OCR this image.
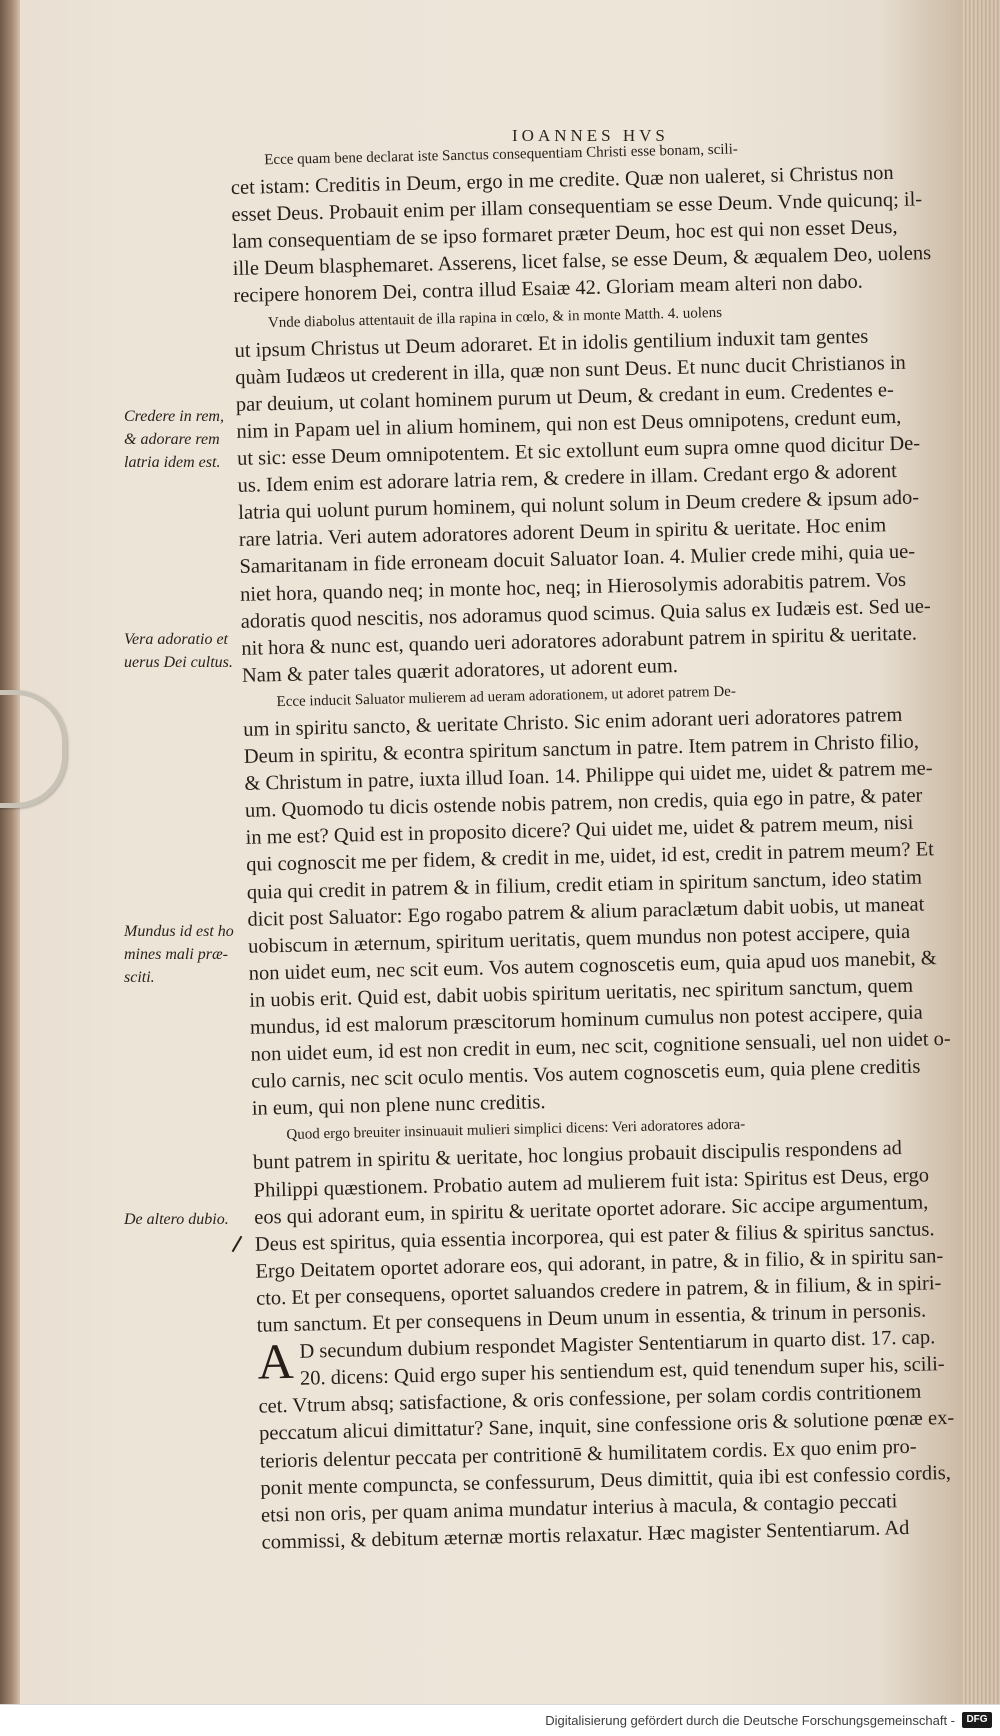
IOANNES HVS

Ecce quam bene declarat iste Sanctus consequentiam Christi esse bonam, scili-
cet istam: Creditis in Deum, ergo in me credite. Quæ non ualeret, si Christus non
esset Deus. Probauit enim per illam consequentiam se esse Deum. Vnde quicunq; il-
lam consequentiam de se ipso formaret præter Deum, hoc est qui non esset Deus,
ille Deum blasphemaret. Asserens, licet false, se esse Deum, & æqualem Deo, uolens
recipere honorem Dei, contra illud Esaiæ 42. Gloriam meam alteri non dabo.

Vnde diabolus attentauit de illa rapina in cœlo, & in monte Matth. 4. uolens
ut ipsum Christus ut Deum adoraret. Et in idolis gentilium induxit tam gentes
quàm Iudæos ut crederent in illa, quæ non sunt Deus. Et nunc ducit Christianos in
par deuium, ut colant hominem purum ut Deum, & credant in eum. Credentes e-
nim in Papam uel in alium hominem, qui non est Deus omnipotens, credunt eum,
ut sic: esse Deum omnipotentem. Et sic extollunt eum supra omne quod dicitur De-
us. Idem enim est adorare latria rem, & credere in illam. Credant ergo & adorent
latria qui uolunt purum hominem, qui nolunt solum in Deum credere & ipsum ado-
rare latria. Veri autem adoratores adorent Deum in spiritu & ueritate. Hoc enim
Samaritanam in fide erroneam docuit Saluator Ioan. 4. Mulier crede mihi, quia ue-
niet hora, quando neq; in monte hoc, neq; in Hierosolymis adorabitis patrem. Vos
adoratis quod nescitis, nos adoramus quod scimus. Quia salus ex Iudæis est. Sed ue-
nit hora & nunc est, quando ueri adoratores adorabunt patrem in spiritu & ueritate.
Nam & pater tales quærit adoratores, ut adorent eum.

Ecce inducit Saluator mulierem ad ueram adorationem, ut adoret patrem De-
um in spiritu sancto, & ueritate Christo. Sic enim adorant ueri adoratores patrem
Deum in spiritu, & econtra spiritum sanctum in patre. Item patrem in Christo filio,
& Christum in patre, iuxta illud Ioan. 14. Philippe qui uidet me, uidet & patrem me-
um. Quomodo tu dicis ostende nobis patrem, non credis, quia ego in patre, & pater
in me est? Quid est in proposito dicere? Qui uidet me, uidet & patrem meum, nisi
qui cognoscit me per fidem, & credit in me, uidet, id est, credit in patrem meum? Et
quia qui credit in patrem & in filium, credit etiam in spiritum sanctum, ideo statim
dicit post Saluator: Ego rogabo patrem & alium paraclætum dabit uobis, ut maneat
uobiscum in æternum, spiritum ueritatis, quem mundus non potest accipere, quia
non uidet eum, nec scit eum. Vos autem cognoscetis eum, quia apud uos manebit, &
in uobis erit. Quid est, dabit uobis spiritum ueritatis, nec spiritum sanctum, quem
mundus, id est malorum præscitorum hominum cumulus non potest accipere, quia
non uidet eum, id est non credit in eum, nec scit, cognitione sensuali, uel non uidet o-
culo carnis, nec scit oculo mentis. Vos autem cognoscetis eum, quia plene creditis
in eum, qui non plene nunc creditis.

Quod ergo breuiter insinuauit mulieri simplici dicens: Veri adoratores adora-
bunt patrem in spiritu & ueritate, hoc longius probauit discipulis respondens ad
Philippi quæstionem. Probatio autem ad mulierem fuit ista: Spiritus est Deus, ergo
eos qui adorant eum, in spiritu & ueritate oportet adorare. Sic accipe argumentum,
Deus est spiritus, quia essentia incorporea, qui est pater & filius & spiritus sanctus.
Ergo Deitatem oportet adorare eos, qui adorant, in patre, & in filio, & in spiritu san-
cto. Et per consequens, oportet saluandos credere in patrem, & in filium, & in spiri-
tum sanctum. Et per consequens in Deum unum in essentia, & trinum in personis.

A D secundum dubium respondet Magister Sententiarum in quarto dist. 17. cap.
20. dicens: Quid ergo super his sentiendum est, quid tenendum super his, scili-
cet. Vtrum absq; satisfactione, & oris confessione, per solam cordis contritionem
peccatum alicui dimittatur? Sane, inquit, sine confessione oris & solutione pœnæ ex-
terioris delentur peccata per contritionē & humilitatem cordis. Ex quo enim pro-
ponit mente compuncta, se confessurum, Deus dimittit, quia ibi est confessio cordis,
etsi non oris, per quam anima mundatur interius à macula, & contagio peccati
commissi, & debitum æternæ mortis relaxatur. Hæc magister Sententiarum. Ad

Credere in rem,
& adorare rem
latria idem est.
Vera adoratio et
uerus Dei cultus.
Mundus id est ho
mines mali præ-
sciti.
De altero dubio.
Digitalisierung gefördert durch die Deutsche Forschungsgemeinschaft -	DFG
